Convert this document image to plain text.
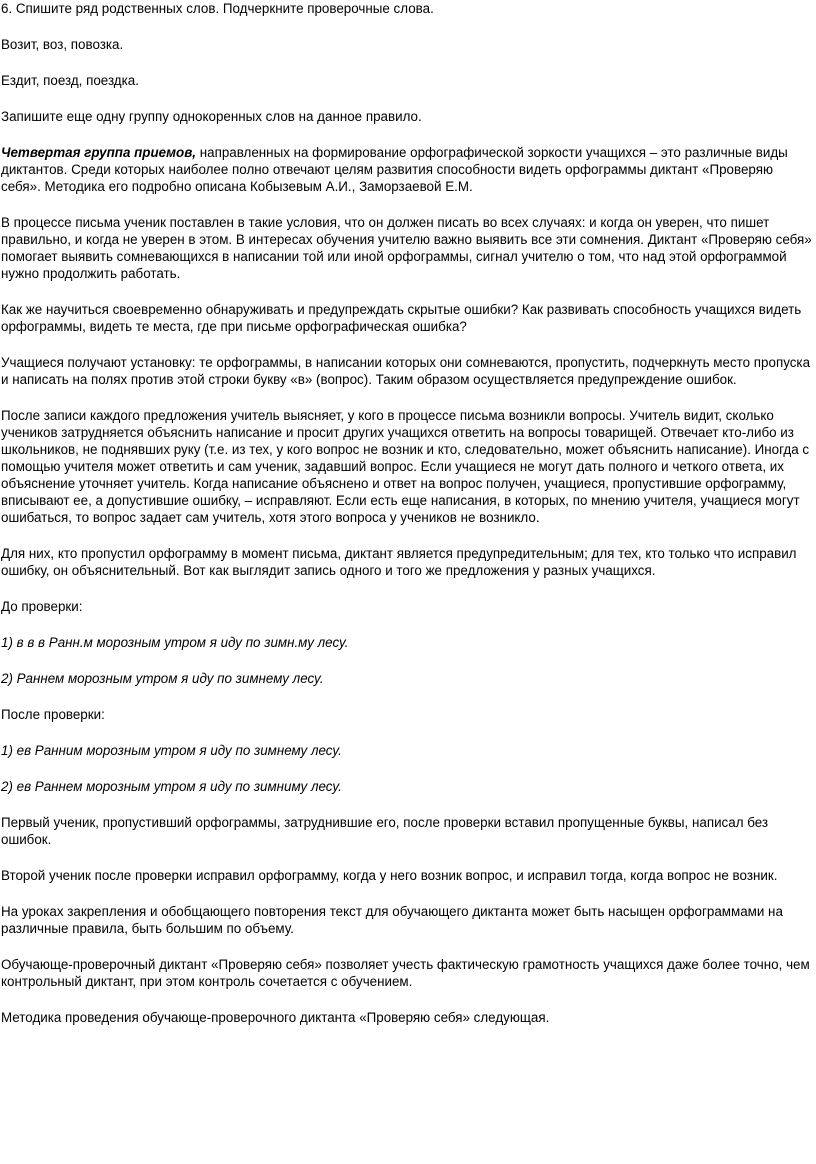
6. Спишите ряд родственных слов. Подчеркните проверочные слова.

Возит, воз, повозка.

Ездит, поезд, поездка.

Запишите еще одну группу однокоренных слов на данное правило.

Четвертая группа приемов, направленных на формирование орфографической зоркости учащихся – это различные виды диктантов. Среди которых наиболее полно отвечают целям развития способности видеть орфограммы диктант «Проверяю себя». Методика его подробно описана Кобызевым А.И., Заморзаевой Е.М.

В процессе письма ученик поставлен в такие условия, что он должен писать во всех случаях: и когда он уверен, что пишет правильно, и когда не уверен в этом. В интересах обучения учителю важно выявить все эти сомнения. Диктант «Проверяю себя» помогает выявить сомневающихся в написании той или иной орфограммы, сигнал учителю о том, что над этой орфограммой нужно продолжить работать.

Как же научиться своевременно обнаруживать и предупреждать скрытые ошибки? Как развивать способность учащихся видеть орфограммы, видеть те места, где при письме орфографическая ошибка?

Учащиеся получают установку: те орфограммы, в написании которых они сомневаются, пропустить, подчеркнуть место пропуска и написать на полях против этой строки букву «в» (вопрос). Таким образом осуществляется предупреждение ошибок.

После записи каждого предложения учитель выясняет, у кого в процессе письма возникли вопросы. Учитель видит, сколько учеников затрудняется объяснить написание и просит других учащихся ответить на вопросы товарищей. Отвечает кто-либо из школьников, не поднявших руку (т.е. из тех, у кого вопрос не возник и кто, следовательно, может объяснить написание). Иногда с помощью учителя может ответить и сам ученик, задавший вопрос. Если учащиеся не могут дать полного и четкого ответа, их объяснение уточняет учитель. Когда написание объяснено и ответ на вопрос получен, учащиеся, пропустившие орфограмму, вписывают ее, а допустившие ошибку, – исправляют. Если есть еще написания, в которых, по мнению учителя, учащиеся могут ошибаться, то вопрос задает сам учитель, хотя этого вопроса у учеников не возникло.

Для них, кто пропустил орфограмму в момент письма, диктант является предупредительным; для тех, кто только что исправил ошибку, он объяснительный. Вот как выглядит запись одного и того же предложения у разных учащихся.

До проверки:

1) в в в Ранн.м морозным утром я иду по зимн.му лесу.

2) Раннем морозным утром я иду по зимнему лесу.

После проверки:

1) ев Ранним морозным утром я иду по зимнему лесу.

2) ев Раннем морозным утром я иду по зимниму лесу.

Первый ученик, пропустивший орфограммы, затруднившие его, после проверки вставил пропущенные буквы, написал без ошибок.

Второй ученик после проверки исправил орфограмму, когда у него возник вопрос, и исправил тогда, когда вопрос не возник.

На уроках закрепления и обобщающего повторения текст для обучающего диктанта может быть насыщен орфограммами на различные правила, быть большим по объему.

Обучающе-проверочный диктант «Проверяю себя» позволяет учесть фактическую грамотность учащихся даже более точно, чем контрольный диктант, при этом контроль сочетается с обучением.

Методика проведения обучающе-проверочного диктанта «Проверяю себя» следующая.
